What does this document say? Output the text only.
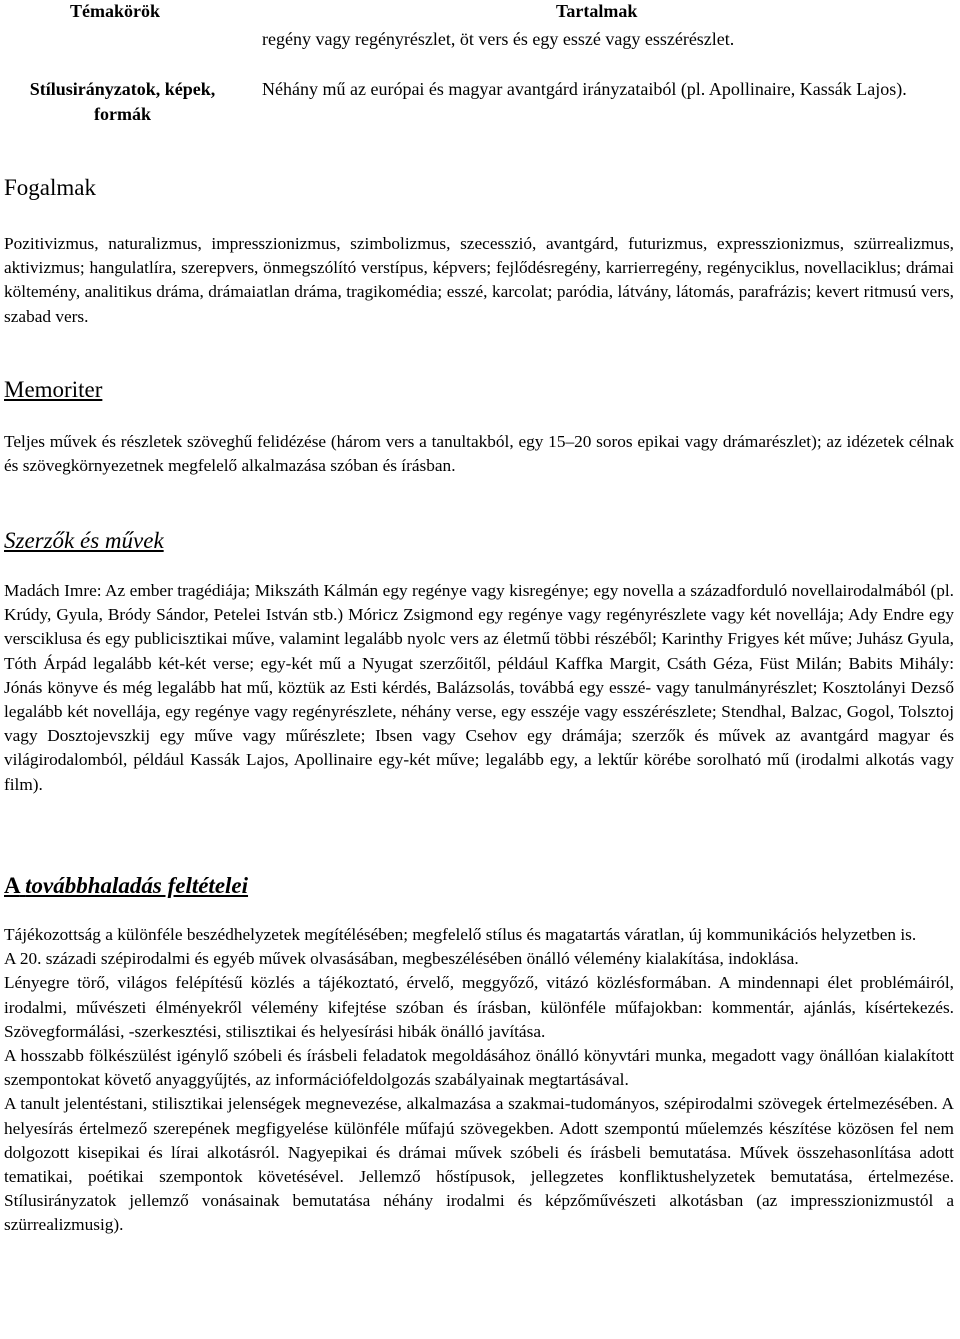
Témakörök	Tartalmak
regény vagy regényrészlet, öt vers és egy esszé vagy esszérészlet.
Stílusirányzatok, képek, formák
Néhány mű az európai és magyar avantgárd irányzataiból (pl. Apollinaire, Kassák Lajos).
Fogalmak
Pozitivizmus, naturalizmus, impresszionizmus, szimbolizmus, szecesszió, avantgárd, futurizmus, expresszionizmus, szürrealizmus, aktivizmus; hangulatlíra, szerepvers, önmegszólító verstípus, képvers; fejlődésregény, karrierregény, regényciklus, novellaciklus; drámai költemény, analitikus dráma, drámaiatlan dráma, tragikomédia; esszé, karcolat; paródia, látvány, látomás, parafrázis; kevert ritmusú vers, szabad vers.
Memoriter
Teljes művek és részletek szöveghű felidézése (három vers a tanultakból, egy 15–20 soros epikai vagy drámarészlet); az idézetek célnak és szövegkörnyezetnek megfelelő alkalmazása szóban és írásban.
Szerzők és művek
Madách Imre: Az ember tragédiája; Mikszáth Kálmán egy regénye vagy kisregénye; egy novella a századforduló novellairodalmából (pl. Krúdy, Gyula, Bródy Sándor, Petelei István stb.) Móricz Zsigmond egy regénye vagy regényrészlete vagy két novellája; Ady Endre egy versciklusa és egy publicisztikai műve, valamint legalább nyolc vers az életmű többi részéből; Karinthy Frigyes két műve; Juhász Gyula, Tóth Árpád legalább két-két verse; egy-két mű a Nyugat szerzőitől, például Kaffka Margit, Csáth Géza, Füst Milán; Babits Mihály: Jónás könyve és még legalább hat mű, köztük az Esti kérdés, Balázsolás, továbbá egy esszé- vagy tanulmányrészlet; Kosztolányi Dezső legalább két novellája, egy regénye vagy regényrészlete, néhány verse, egy esszéje vagy esszérészlete; Stendhal, Balzac, Gogol, Tolsztoj vagy Dosztojevszkij egy műve vagy műrészlete; Ibsen vagy Csehov egy drámája; szerzők és művek az avantgárd magyar és világirodalomból, például Kassák Lajos, Apollinaire egy-két műve; legalább egy, a lektűr körébe sorolható mű (irodalmi alkotás vagy film).
A továbbhaladás feltételei
Tájékozottság a különféle beszédhelyzetek megítélésében; megfelelő stílus és magatartás váratlan, új kommunikációs helyzetben is.
A 20. századi szépirodalmi és egyéb művek olvasásában, megbeszélésében önálló vélemény kialakítása, indoklása.
Lényegre törő, világos felépítésű közlés a tájékoztató, érvelő, meggyőző, vitázó közlésformában. A mindennapi élet problémáiról, irodalmi, művészeti élményekről vélemény kifejtése szóban és írásban, különféle műfajokban: kommentár, ajánlás, kísértekezés. Szövegformálási, -szerkesztési, stilisztikai és helyesírási hibák önálló javítása.
A hosszabb fölkészülést igénylő szóbeli és írásbeli feladatok megoldásához önálló könyvtári munka, megadott vagy önállóan kialakított szempontokat követő anyaggyűjtés, az információfeldolgozás szabályainak megtartásával.
A tanult jelentéstani, stilisztikai jelenségek megnevezése, alkalmazása a szakmai-tudományos, szépirodalmi szövegek értelmezésében. A helyesírás értelmező szerepének megfigyelése különféle műfajú szövegekben. Adott szempontú műelemzés készítése közösen fel nem dolgozott kisepikai és lírai alkotásról. Nagyepikai és drámai művek szóbeli és írásbeli bemutatása. Művek összehasonlítása adott tematikai, poétikai szempontok követésével. Jellemző hőstípusok, jellegzetes konfliktushelyzetek bemutatása, értelmezése. Stílusirányzatok jellemző vonásainak bemutatása néhány irodalmi és képzőművészeti alkotásban (az impresszionizmustól a szürrealizmusig).
